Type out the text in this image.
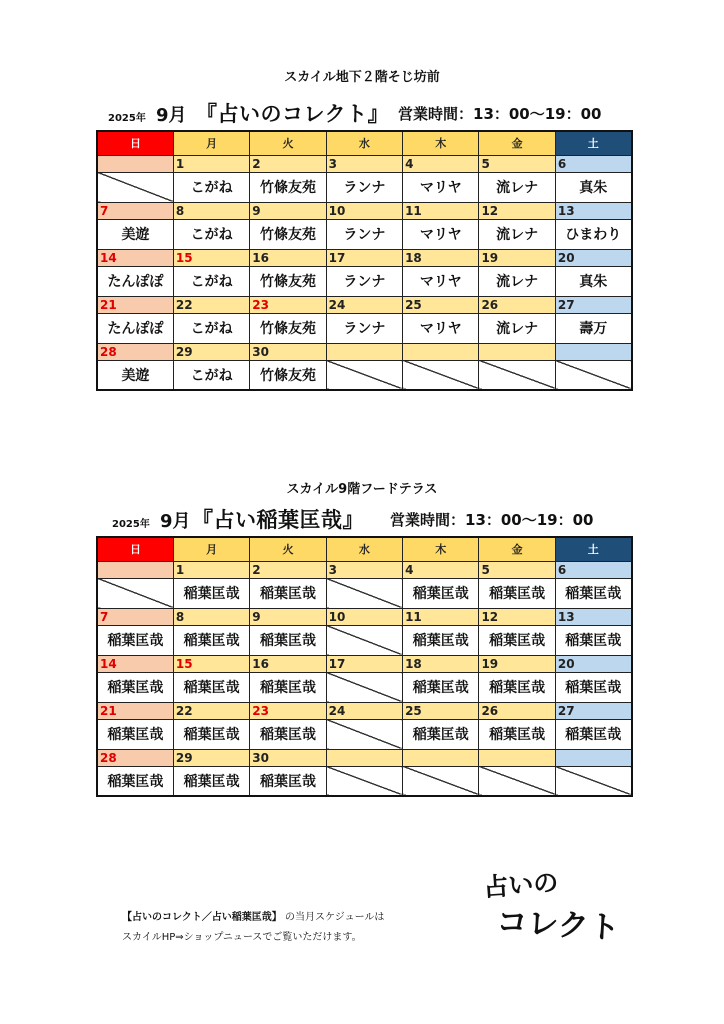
スカイル地下２階そじ坊前
2025年 9月 『占いのコレクト』 営業時間：13：00～19：00
日	月	火	水	木	金	土
	1	2	3	4	5	6
	こがね	竹條友苑	ランナ	マリヤ	流レナ	真朱
7	8	9	10	11	12	13
美遊	こがね	竹條友苑	ランナ	マリヤ	流レナ	ひまわり
14	15	16	17	18	19	20
たんぽぽ	こがね	竹條友苑	ランナ	マリヤ	流レナ	真朱
21	22	23	24	25	26	27
たんぽぽ	こがね	竹條友苑	ランナ	マリヤ	流レナ	壽万
28	29	30				
美遊	こがね	竹條友苑				
スカイル9階フードテラス
2025年 9月 『占い稲葉匡哉』 営業時間：13：00～19：00
日	月	火	水	木	金	土
	1	2	3	4	5	6
	稲葉匡哉	稲葉匡哉		稲葉匡哉	稲葉匡哉	稲葉匡哉
7	8	9	10	11	12	13
稲葉匡哉	稲葉匡哉	稲葉匡哉		稲葉匡哉	稲葉匡哉	稲葉匡哉
14	15	16	17	18	19	20
稲葉匡哉	稲葉匡哉	稲葉匡哉		稲葉匡哉	稲葉匡哉	稲葉匡哉
21	22	23	24	25	26	27
稲葉匡哉	稲葉匡哉	稲葉匡哉		稲葉匡哉	稲葉匡哉	稲葉匡哉
28	29	30				
稲葉匡哉	稲葉匡哉	稲葉匡哉				
【占いのコレクト／占い稲葉匡哉】 の当月スケジュールは
スカイルHP⇒ショップニュースでご覧いただけます。
占いの
コレクト
